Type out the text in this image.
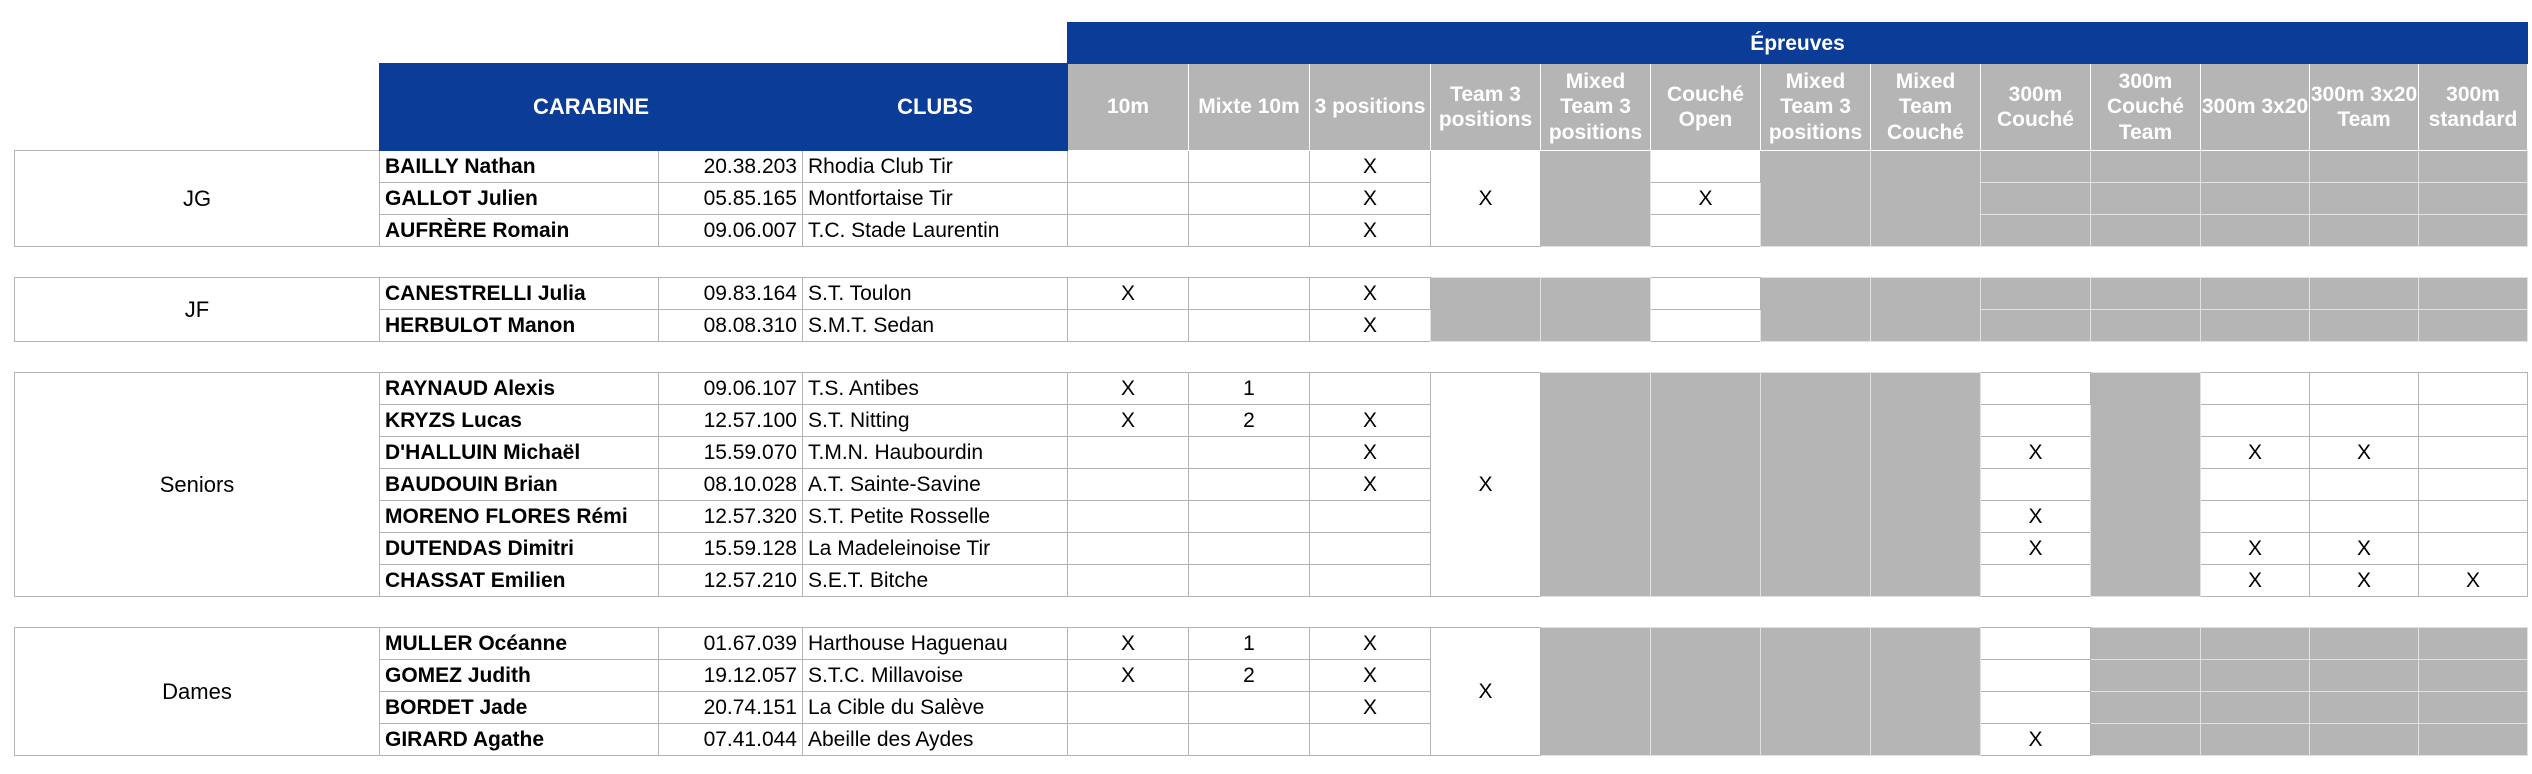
				Épreuves												
	CARABINE		CLUBS	10m	Mixte 10m	3 positions	Team 3 positions	Mixed Team 3 positions	Couché Open	Mixed Team 3 positions	Mixed Team Couché	300m Couché	300m Couché Team	300m 3x20	300m 3x20 Team	300m standard
JG	BAILLY Nathan	20.38.203	Rhodia Club Tir			X	X									
	GALLOT Julien	05.85.165	Montfortaise Tir			X			X							
	AUFRÈRE Romain	09.06.007	T.C. Stade Laurentin			X										

JF	CANESTRELLI Julia	09.83.164	S.T. Toulon	X		X										
	HERBULOT Manon	08.08.310	S.M.T. Sedan			X										

Seniors	RAYNAUD Alexis	09.06.107	T.S. Antibes	X	1		X									
	KRYZS Lucas	12.57.100	S.T. Nitting	X	2	X										
	D'HALLUIN Michaël	15.59.070	T.M.N. Haubourdin			X						X		X	X	
	BAUDOUIN Brian	08.10.028	A.T. Sainte-Savine			X										
	MORENO FLORES Rémi	12.57.320	S.T. Petite Rosselle									X				
	DUTENDAS Dimitri	15.59.128	La Madeleinoise Tir									X		X	X	
	CHASSAT Emilien	12.57.210	S.E.T. Bitche											X	X	X

Dames	MULLER Océanne	01.67.039	Harthouse Haguenau	X	1	X	X									
	GOMEZ Judith	19.12.057	S.T.C. Millavoise	X	2	X										
	BORDET Jade	20.74.151	La Cible du Salève			X										
	GIRARD Agathe	07.41.044	Abeille des Aydes									X				
